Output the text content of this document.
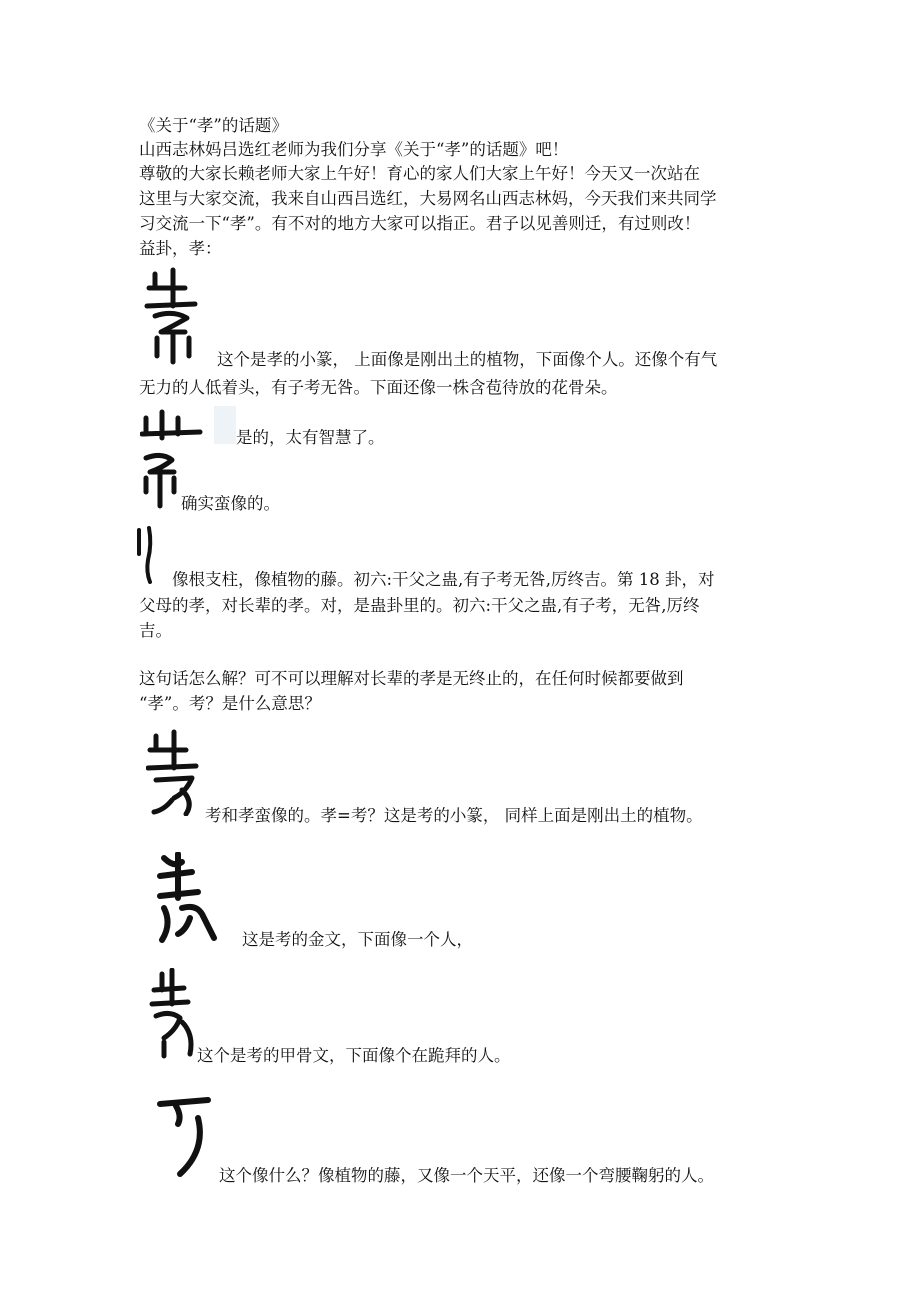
《关于“孝”的话题》
山西志林妈吕选红老师为我们分享《关于“孝”的话题》吧！
尊敬的大家长赖老师大家上午好！育心的家人们大家上午好！今天又一次站在
这里与大家交流，我来自山西吕选红，大易网名山西志林妈，今天我们来共同学
习交流一下“孝”。有不对的地方大家可以指正。君子以见善则迁，有过则改！
益卦，孝：
这个是孝的小篆， 上面像是刚出土的植物，下面像个人。还像个有气
无力的人低着头，有子考无咎。下面还像一株含苞待放的花骨朵。
是的，太有智慧了。
确实蛮像的。
像根支柱，像植物的藤。初六:干父之蛊,有子考无咎,厉终吉。第 18 卦，对
父母的孝，对长辈的孝。对，是蛊卦里的。初六:干父之蛊,有子考，无咎,厉终
吉。
这句话怎么解？可不可以理解对长辈的孝是无终止的，在任何时候都要做到
“孝”。考？是什么意思？
考和孝蛮像的。孝=考？这是考的小篆， 同样上面是刚出土的植物。
这是考的金文，下面像一个人，
这个是考的甲骨文，下面像个在跪拜的人。
这个像什么？像植物的藤，又像一个天平，还像一个弯腰鞠躬的人。
